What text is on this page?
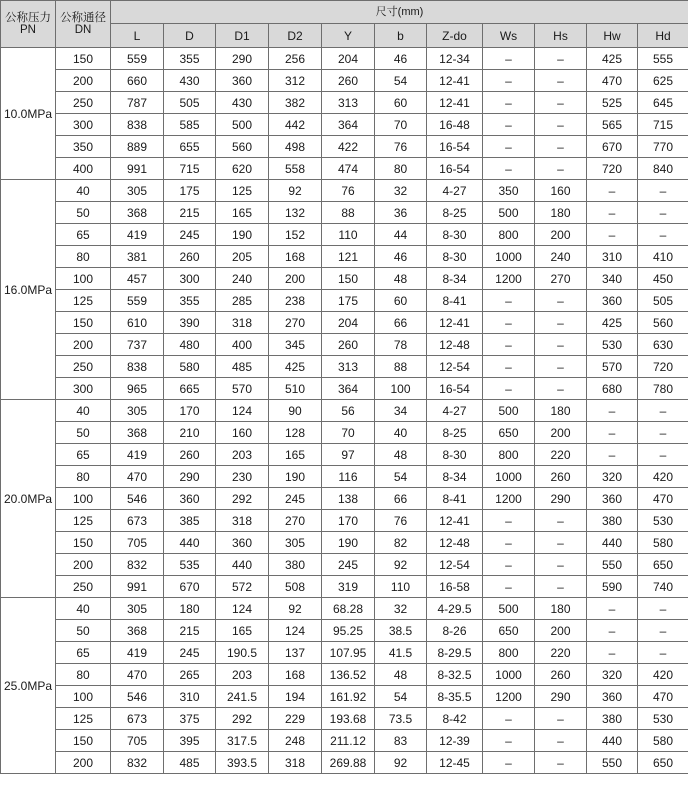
公称压力
PN	公称通径
DN	尺寸(mm)										
		L	D	D1	D2	Y	b	Z-do	Ws	Hs	Hw	Hd
10.0MPa	150	559	355	290	256	204	46	12-34	–	–	425	555
	200	660	430	360	312	260	54	12-41	–	–	470	625
	250	787	505	430	382	313	60	12-41	–	–	525	645
	300	838	585	500	442	364	70	16-48	–	–	565	715
	350	889	655	560	498	422	76	16-54	–	–	670	770
	400	991	715	620	558	474	80	16-54	–	–	720	840
16.0MPa	40	305	175	125	92	76	32	4-27	350	160	–	–
	50	368	215	165	132	88	36	8-25	500	180	–	–
	65	419	245	190	152	110	44	8-30	800	200	–	–
	80	381	260	205	168	121	46	8-30	1000	240	310	410
	100	457	300	240	200	150	48	8-34	1200	270	340	450
	125	559	355	285	238	175	60	8-41	–	–	360	505
	150	610	390	318	270	204	66	12-41	–	–	425	560
	200	737	480	400	345	260	78	12-48	–	–	530	630
	250	838	580	485	425	313	88	12-54	–	–	570	720
	300	965	665	570	510	364	100	16-54	–	–	680	780
20.0MPa	40	305	170	124	90	56	34	4-27	500	180	–	–
	50	368	210	160	128	70	40	8-25	650	200	–	–
	65	419	260	203	165	97	48	8-30	800	220	–	–
	80	470	290	230	190	116	54	8-34	1000	260	320	420
	100	546	360	292	245	138	66	8-41	1200	290	360	470
	125	673	385	318	270	170	76	12-41	–	–	380	530
	150	705	440	360	305	190	82	12-48	–	–	440	580
	200	832	535	440	380	245	92	12-54	–	–	550	650
	250	991	670	572	508	319	110	16-58	–	–	590	740
25.0MPa	40	305	180	124	92	68.28	32	4-29.5	500	180	–	–
	50	368	215	165	124	95.25	38.5	8-26	650	200	–	–
	65	419	245	190.5	137	107.95	41.5	8-29.5	800	220	–	–
	80	470	265	203	168	136.52	48	8-32.5	1000	260	320	420
	100	546	310	241.5	194	161.92	54	8-35.5	1200	290	360	470
	125	673	375	292	229	193.68	73.5	8-42	–	–	380	530
	150	705	395	317.5	248	211.12	83	12-39	–	–	440	580
	200	832	485	393.5	318	269.88	92	12-45	–	–	550	650
